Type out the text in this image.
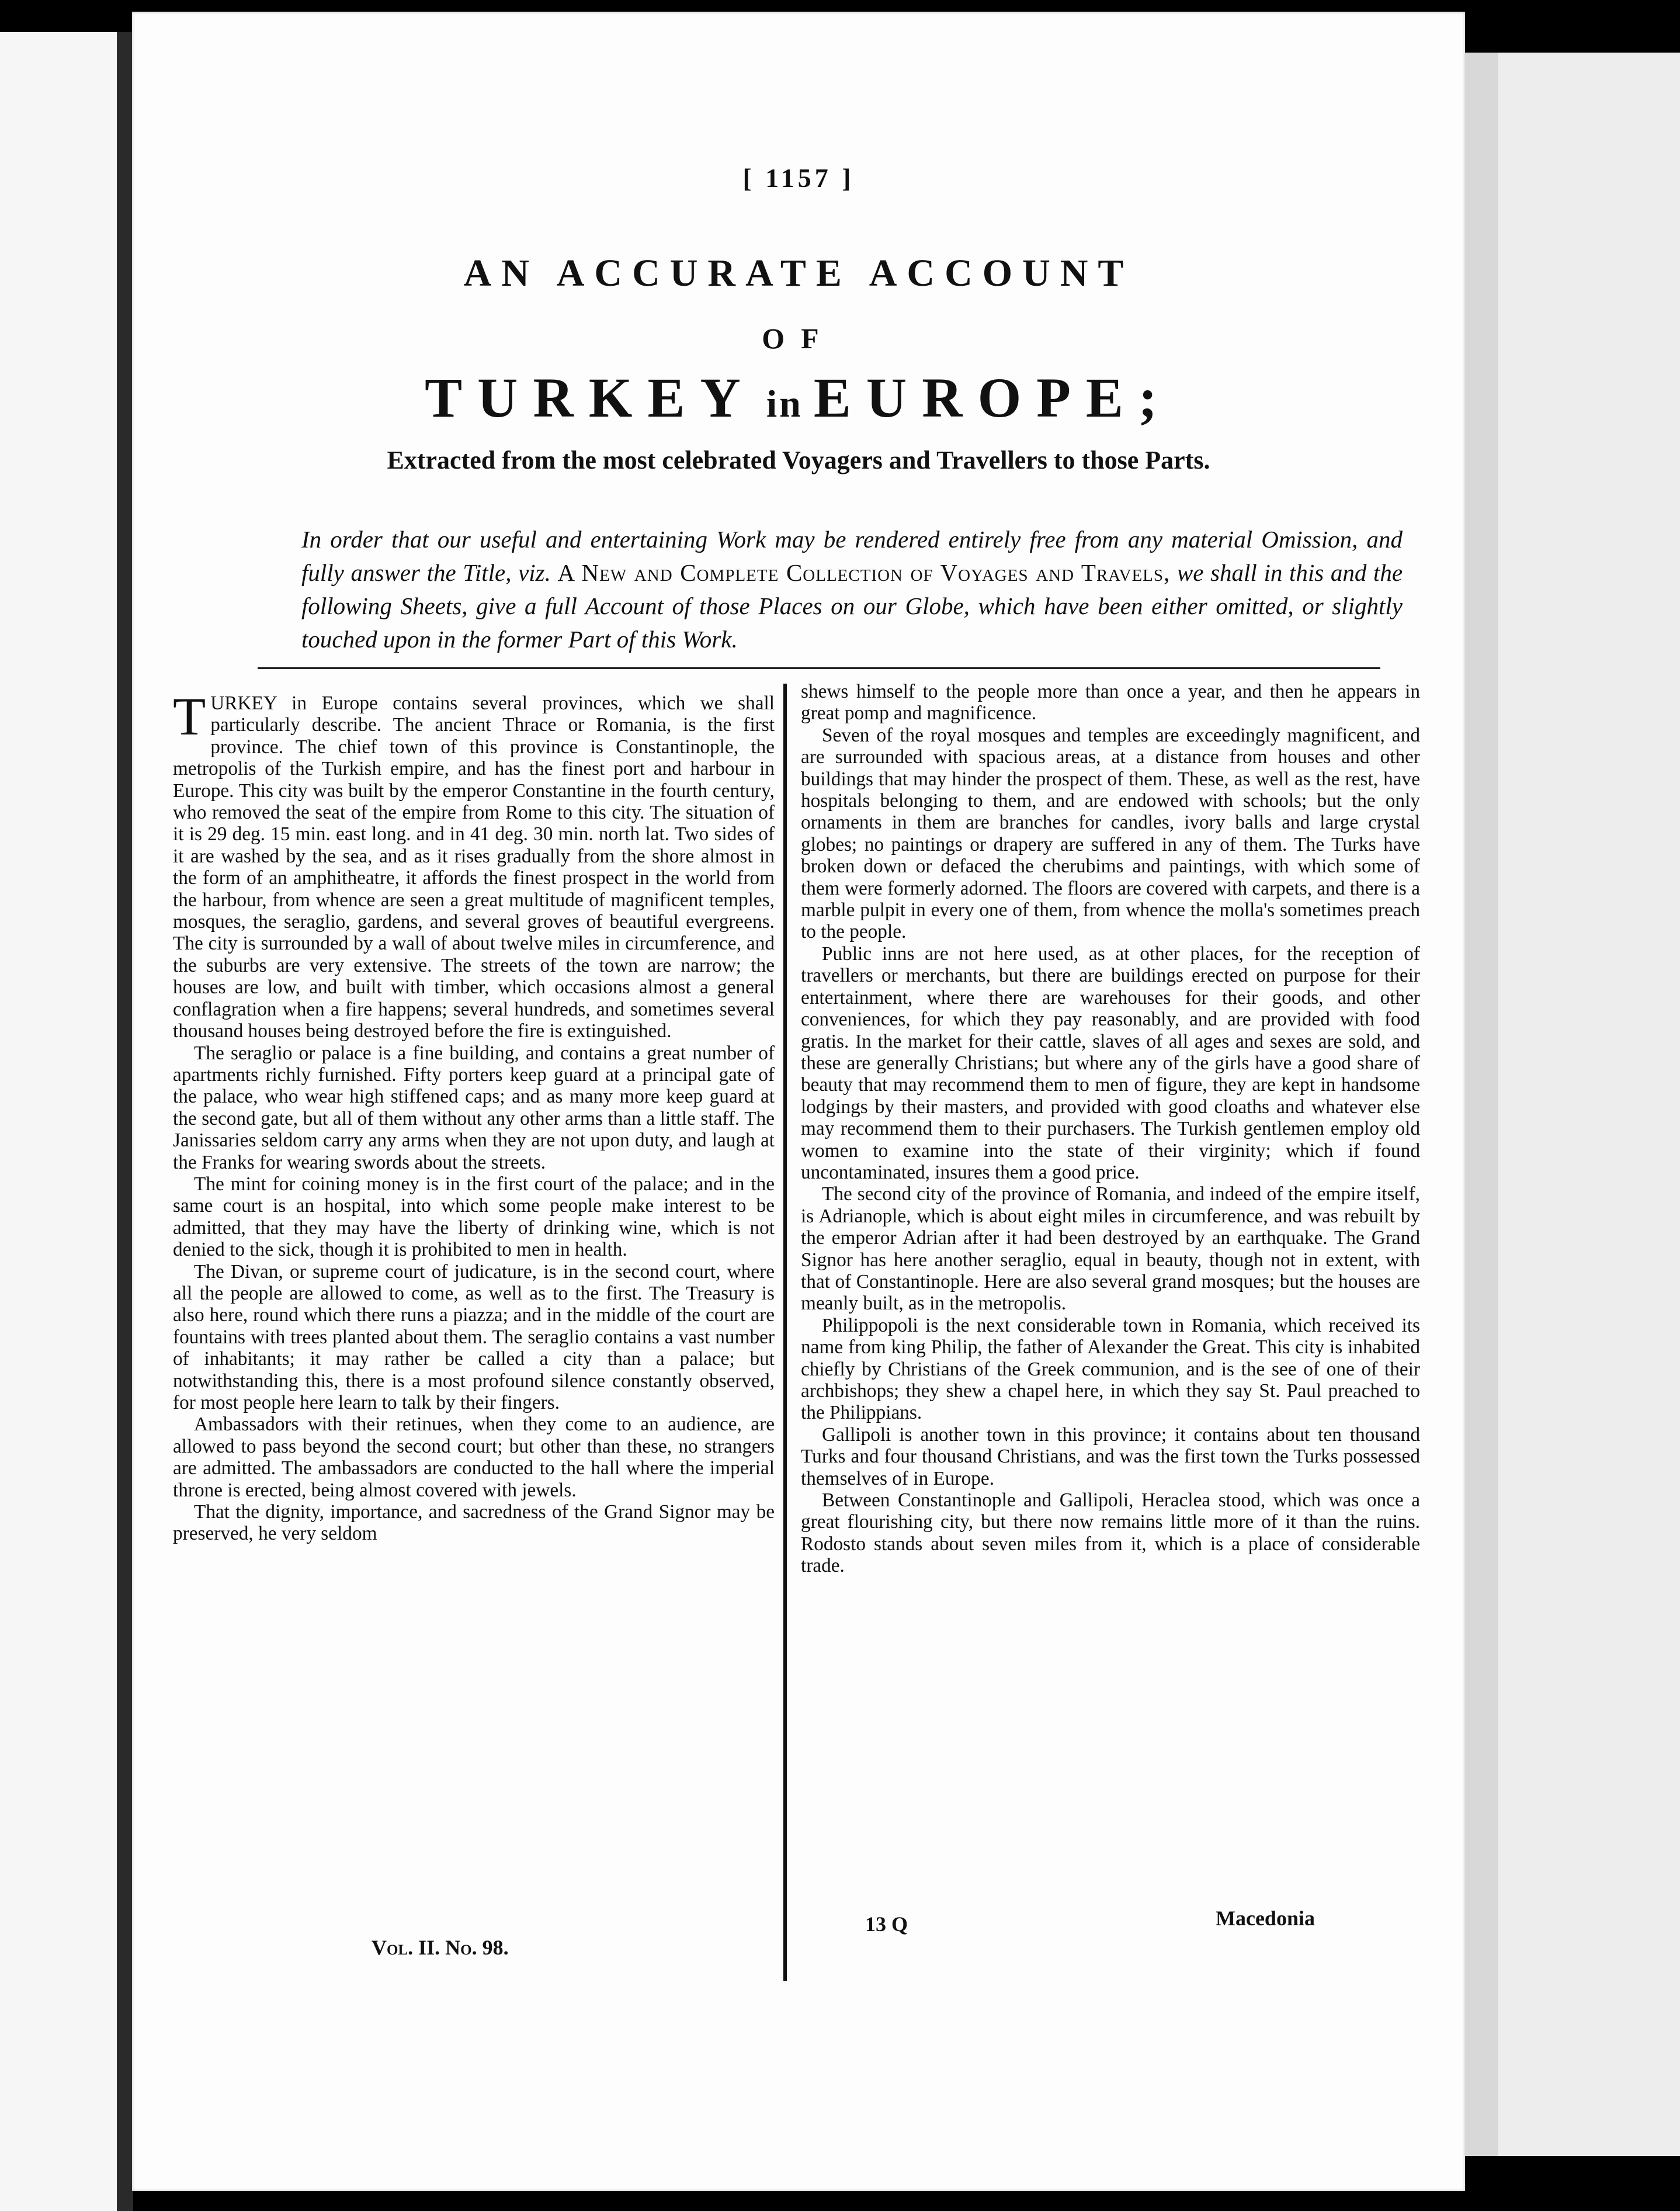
[ 1157 ]
AN ACCURATE ACCOUNT
OF
TURKEY in EUROPE;
Extracted from the most celebrated Voyagers and Travellers to those Parts.
In order that our useful and entertaining Work may be rendered entirely free from any material Omission, and fully answer the Title, viz. A New and Complete Collection of Voyages and Travels, we shall in this and the following Sheets, give a full Account of those Places on our Globe, which have been either omitted, or slightly touched upon in the former Part of this Work.

TURKEY in Europe contains several provinces, which we shall particularly describe. The ancient Thrace or Romania, is the first province. The chief town of this province is Constantinople, the metropolis of the Turkish empire, and has the finest port and harbour in Europe. This city was built by the emperor Constantine in the fourth century, who removed the seat of the empire from Rome to this city. The situation of it is 29 deg. 15 min. east long. and in 41 deg. 30 min. north lat. Two sides of it are washed by the sea, and as it rises gradually from the shore almost in the form of an amphitheatre, it affords the finest prospect in the world from the harbour, from whence are seen a great multitude of magnificent temples, mosques, the seraglio, gardens, and several groves of beautiful evergreens. The city is surrounded by a wall of about twelve miles in circumference, and the suburbs are very extensive. The streets of the town are narrow; the houses are low, and built with timber, which occasions almost a general conflagration when a fire happens; several hundreds, and sometimes several thousand houses being destroyed before the fire is extinguished.

The seraglio or palace is a fine building, and contains a great number of apartments richly furnished. Fifty porters keep guard at a principal gate of the palace, who wear high stiffened caps; and as many more keep guard at the second gate, but all of them without any other arms than a little staff. The Janissaries seldom carry any arms when they are not upon duty, and laugh at the Franks for wearing swords about the streets.

The mint for coining money is in the first court of the palace; and in the same court is an hospital, into which some people make interest to be admitted, that they may have the liberty of drinking wine, which is not denied to the sick, though it is prohibited to men in health.

The Divan, or supreme court of judicature, is in the second court, where all the people are allowed to come, as well as to the first. The Treasury is also here, round which there runs a piazza; and in the middle of the court are fountains with trees planted about them. The seraglio contains a vast number of inhabitants; it may rather be called a city than a palace; but notwithstanding this, there is a most profound silence constantly observed, for most people here learn to talk by their fingers.

Ambassadors with their retinues, when they come to an audience, are allowed to pass beyond the second court; but other than these, no strangers are admitted. The ambassadors are conducted to the hall where the imperial throne is erected, being almost covered with jewels.

That the dignity, importance, and sacredness of the Grand Signor may be preserved, he very seldom

shews himself to the people more than once a year, and then he appears in great pomp and magnificence.

Seven of the royal mosques and temples are exceedingly magnificent, and are surrounded with spacious areas, at a distance from houses and other buildings that may hinder the prospect of them. These, as well as the rest, have hospitals belonging to them, and are endowed with schools; but the only ornaments in them are branches for candles, ivory balls and large crystal globes; no paintings or drapery are suffered in any of them. The Turks have broken down or defaced the cherubims and paintings, with which some of them were formerly adorned. The floors are covered with carpets, and there is a marble pulpit in every one of them, from whence the molla's sometimes preach to the people.

Public inns are not here used, as at other places, for the reception of travellers or merchants, but there are buildings erected on purpose for their entertainment, where there are warehouses for their goods, and other conveniences, for which they pay reasonably, and are provided with food gratis. In the market for their cattle, slaves of all ages and sexes are sold, and these are generally Christians; but where any of the girls have a good share of beauty that may recommend them to men of figure, they are kept in handsome lodgings by their masters, and provided with good cloaths and whatever else may recommend them to their purchasers. The Turkish gentlemen employ old women to examine into the state of their virginity; which if found uncontaminated, insures them a good price.

The second city of the province of Romania, and indeed of the empire itself, is Adrianople, which is about eight miles in circumference, and was rebuilt by the emperor Adrian after it had been destroyed by an earthquake. The Grand Signor has here another seraglio, equal in beauty, though not in extent, with that of Constantinople. Here are also several grand mosques; but the houses are meanly built, as in the metropolis.

Philippopoli is the next considerable town in Romania, which received its name from king Philip, the father of Alexander the Great. This city is inhabited chiefly by Christians of the Greek communion, and is the see of one of their archbishops; they shew a chapel here, in which they say St. Paul preached to the Philippians.

Gallipoli is another town in this province; it contains about ten thousand Turks and four thousand Christians, and was the first town the Turks possessed themselves of in Europe.

Between Constantinople and Gallipoli, Heraclea stood, which was once a great flourishing city, but there now remains little more of it than the ruins. Rodosto stands about seven miles from it, which is a place of considerable trade.

Vol. II. No. 98.
13 Q	Macedonia
